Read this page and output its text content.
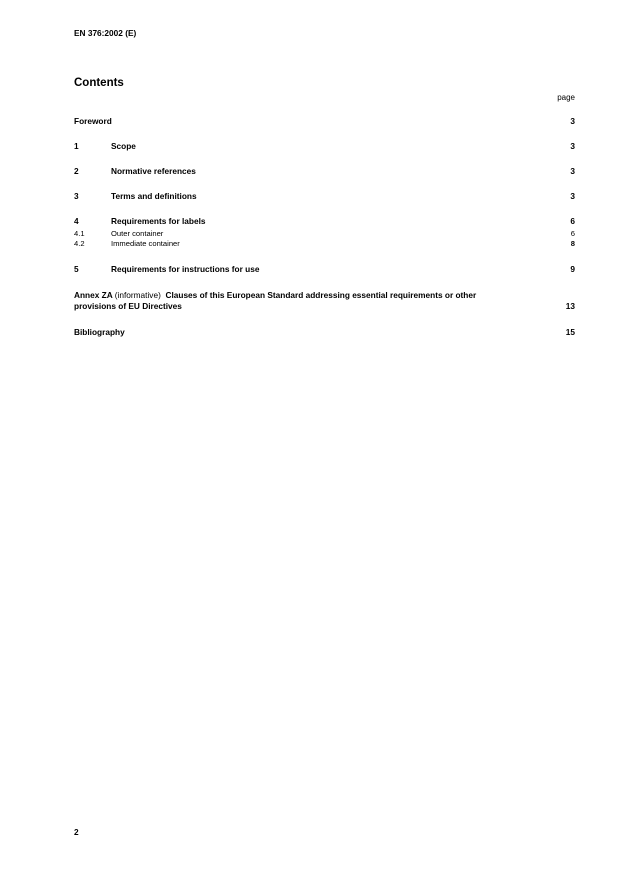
EN 376:2002 (E)
Contents
page
Foreword	3
1	Scope	3
2	Normative references	3
3	Terms and definitions	3
4	Requirements for labels	6
4.1	Outer container	6
4.2	Immediate container	8
5	Requirements for instructions for use	9
Annex ZA (informative) Clauses of this European Standard addressing essential requirements or other
provisions of EU Directives	13
Bibliography	15
2
